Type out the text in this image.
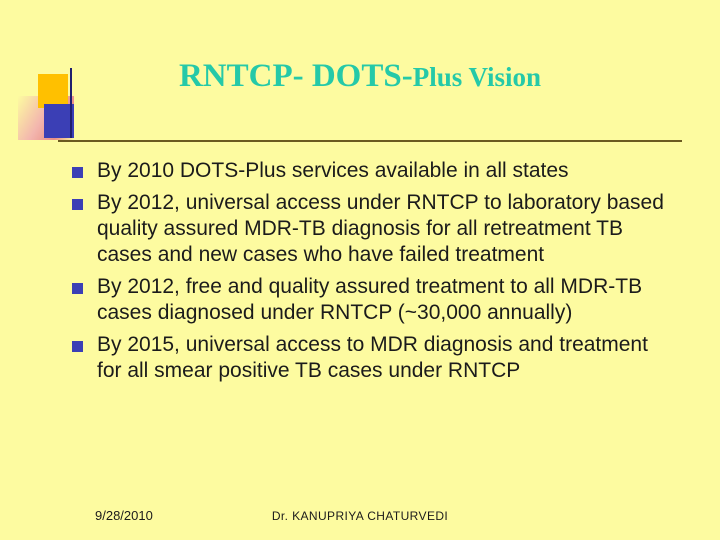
RNTCP- DOTS-Plus Vision
By 2010 DOTS-Plus services available in all states
By 2012, universal access under RNTCP to laboratory based quality assured MDR-TB diagnosis for all retreatment TB cases and new cases who have failed treatment
By 2012, free and quality assured treatment to all MDR-TB cases diagnosed under RNTCP (~30,000 annually)
By 2015, universal access to MDR diagnosis and treatment for all smear positive TB cases under RNTCP
9/28/2010	Dr. KANUPRIYA CHATURVEDI
